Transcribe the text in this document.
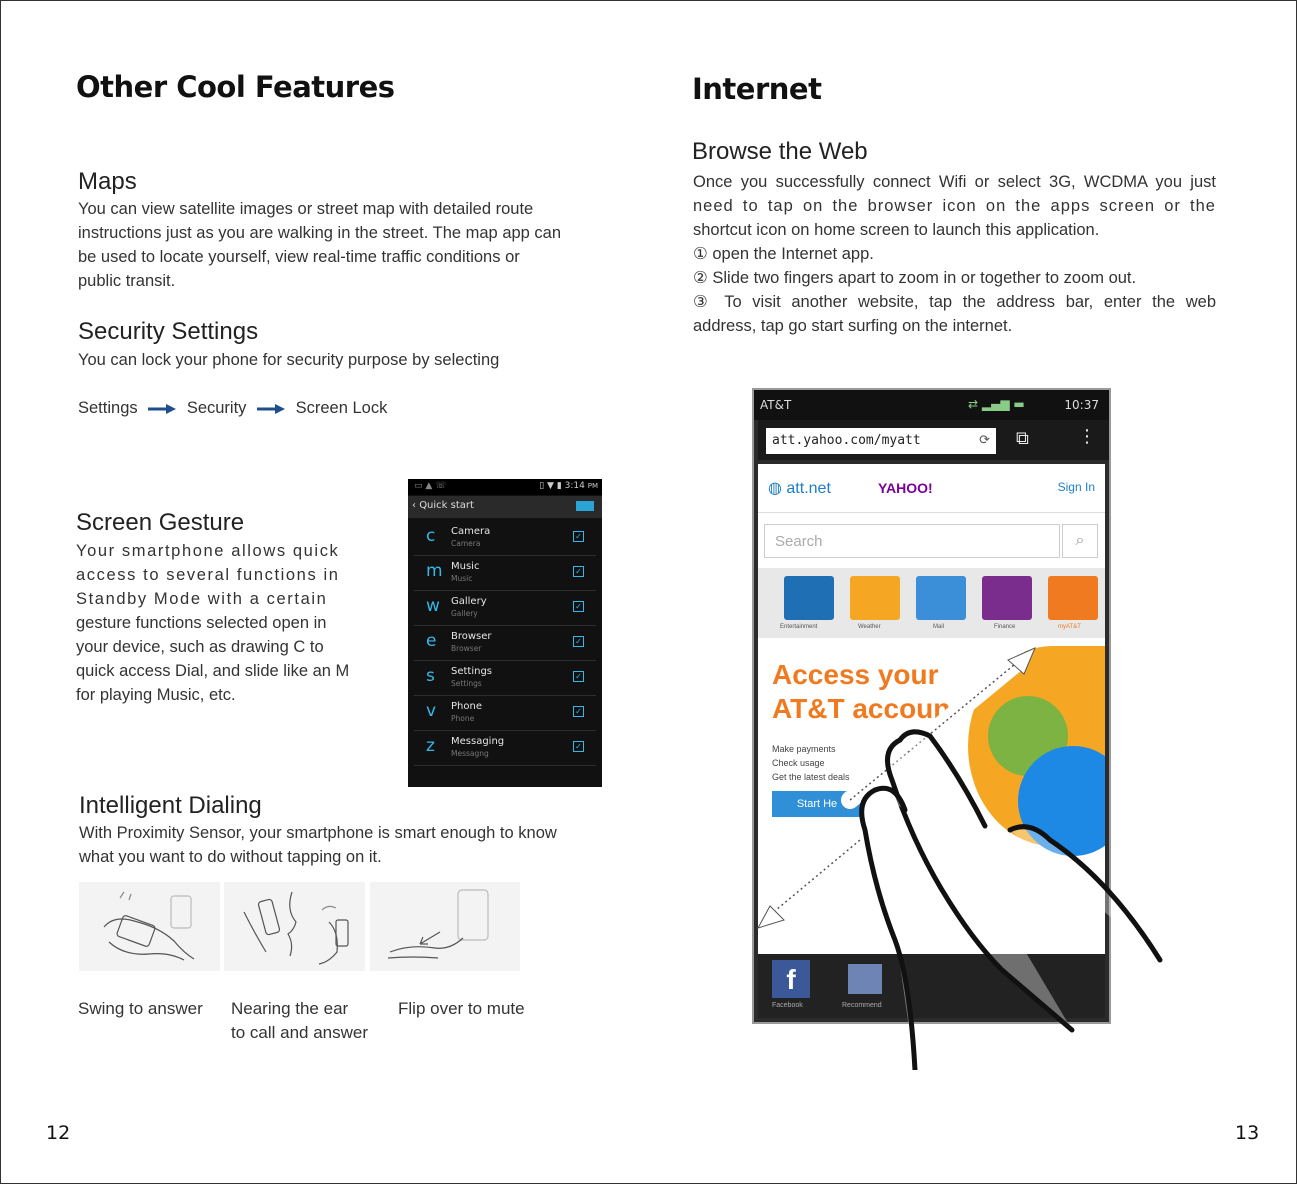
Other Cool Features
Maps
You can view satellite images or street map with detailed route
instructions just as you are walking in the street. The map app can
be used to locate yourself, view real-time traffic conditions or
public transit.
Security Settings
You can lock your phone for security purpose by selecting
Settings	Security	Screen Lock
Screen Gesture
Your smartphone allows quick
access to several functions in
Standby Mode with a certain
gesture functions selected open in
your device, such as drawing C to
quick access Dial, and slide like an M
for playing Music, etc.
▭ ▲ ☏	▯ ▼ ▮ 3:14 PM
‹ Quick start
c Camera
Camera
✓
m Music
Music
✓
w Gallery
Gallery
✓
e Browser
Browser
✓
s Settings
Settings
✓
v Phone
Phone
✓
z Messaging
Messagng
✓
Intelligent Dialing
With Proximity Sensor, your smartphone is smart enough to know
what you want to do without tapping on it.
Swing to answer Nearing the ear
to call and answer
Flip over to mute
12
Internet
Browse the Web
Once you successfully connect Wifi or select 3G, WCDMA you just
need to tap on the browser icon on the apps screen or the
shortcut icon on home screen to launch this application.
① open the Internet app.
② Slide two fingers apart to zoom in or together to zoom out.
③ To visit another website, tap the address bar, enter the web
address, tap go start surfing on the internet.
AT&T	⇄ ▂▄▆ ▬	10:37
att.yahoo.com/myatt	⟳ ⧉	⋮
◍ att.net	YAHOO!	Sign In
Search	⌕
Entertainment	Weather	Mail	Finance	myAT&T
Access your
AT&T accoun
Make payments
Check usage
Get the latest deals
Start He
f
Facebook	Recommend
13
